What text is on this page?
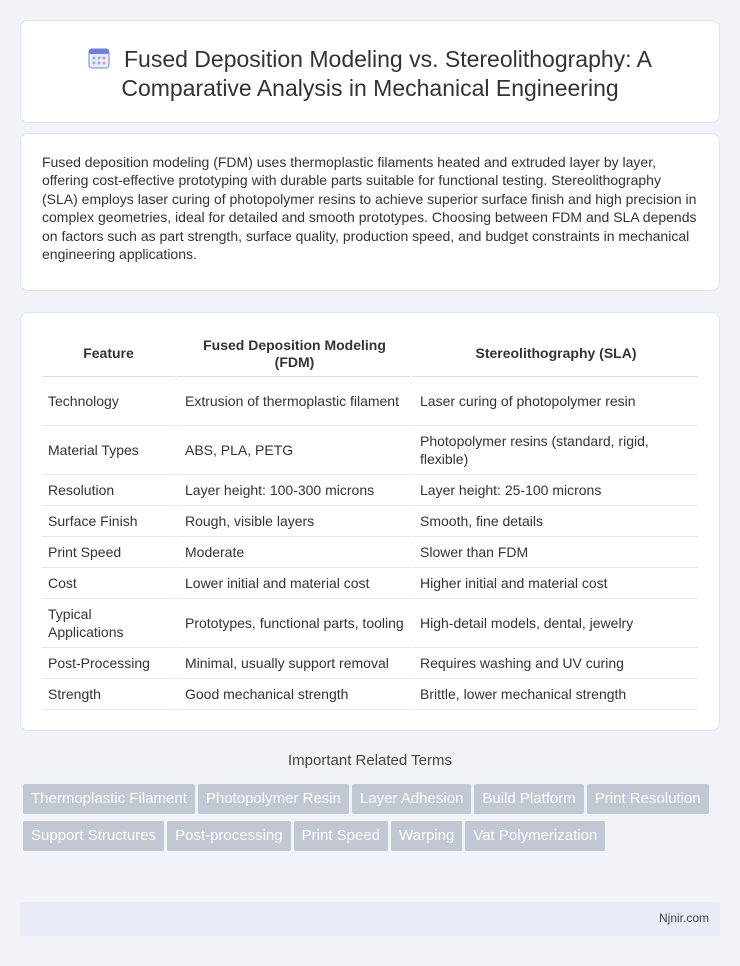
Fused Deposition Modeling vs. Stereolithography: A Comparative Analysis in Mechanical Engineering

Fused deposition modeling (FDM) uses thermoplastic filaments heated and extruded layer by layer, offering cost-effective prototyping with durable parts suitable for functional testing. Stereolithography (SLA) employs laser curing of photopolymer resins to achieve superior surface finish and high precision in complex geometries, ideal for detailed and smooth prototypes. Choosing between FDM and SLA depends on factors such as part strength, surface quality, production speed, and budget constraints in mechanical engineering applications.

Feature	Fused Deposition Modeling (FDM)	Stereolithography (SLA)
Technology	Extrusion of thermoplastic filament	Laser curing of photopolymer resin
Material Types	ABS, PLA, PETG	Photopolymer resins (standard, rigid, flexible)
Resolution	Layer height: 100-300 microns	Layer height: 25-100 microns
Surface Finish	Rough, visible layers	Smooth, fine details
Print Speed	Moderate	Slower than FDM
Cost	Lower initial and material cost	Higher initial and material cost
Typical Applications	Prototypes, functional parts, tooling	High-detail models, dental, jewelry
Post-Processing	Minimal, usually support removal	Requires washing and UV curing
Strength	Good mechanical strength	Brittle, lower mechanical strength
Important Related Terms
Thermoplastic Filament Photopolymer Resin Layer Adhesion Build Platform Print ResolutionSupport Structures Post-processing Print Speed Warping Vat Polymerization
Njnir.com
